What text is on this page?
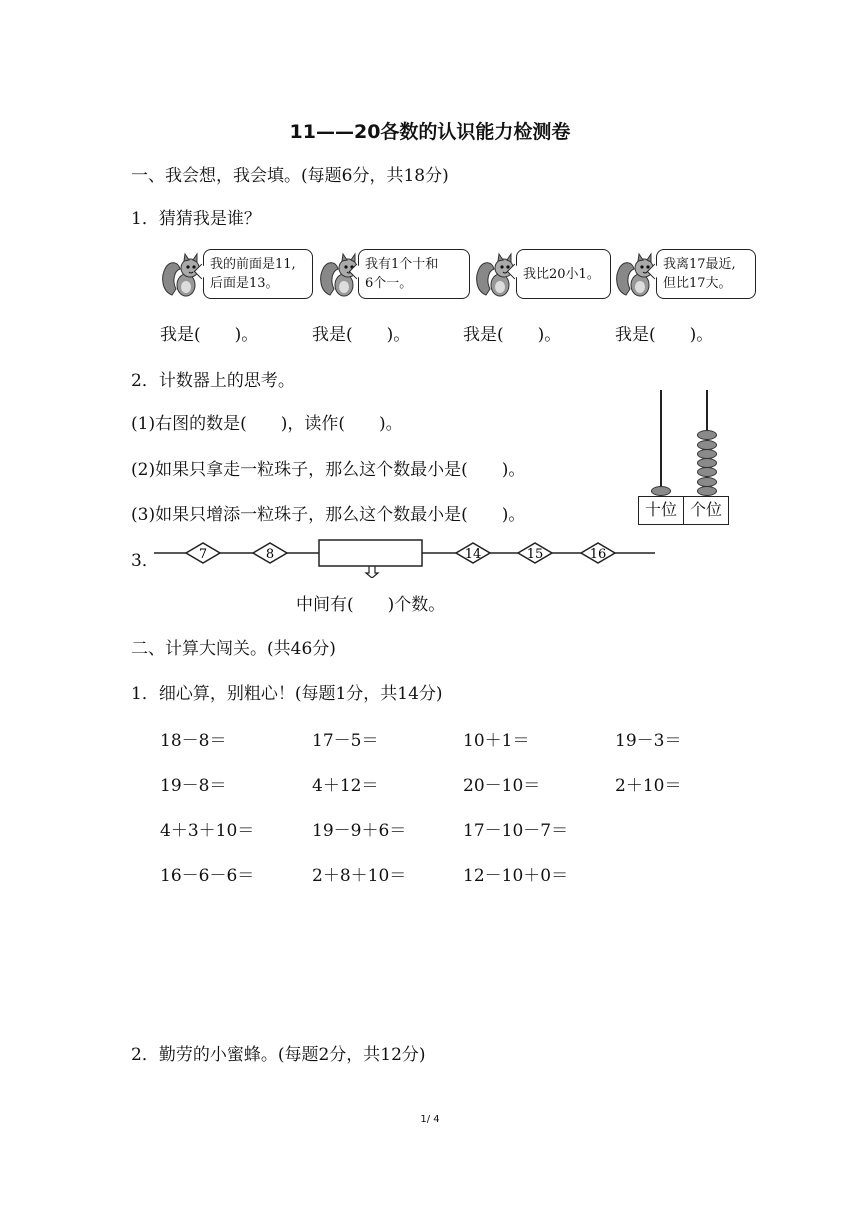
11——20各数的认识能力检测卷
一、我会想，我会填。(每题6分，共18分)
1．猜猜我是谁？
我的前面是11,
后面是13。
我有1个十和
6个一。
我比20小1。
我离17最近,
但比17大。
我是(　　)。	我是(　　)。	我是(　　)。	我是(　　)。
2．计数器上的思考。
(1)右图的数是(　　)，读作(　　)。
(2)如果只拿走一粒珠子，那么这个数最小是(　　)。
(3)如果只增添一粒珠子，那么这个数最小是(　　)。	十位 个位
3．	7	8	14	15	16
中间有(　　)个数。
二、计算大闯关。(共46分)
1．细心算，别粗心！(每题1分，共14分)
18－8＝	17－5＝	10＋1＝	19－3＝
19－8＝	4＋12＝	20－10＝	2＋10＝
4＋3＋10＝	19－9＋6＝	17－10－7＝
16－6－6＝	2＋8＋10＝	12－10＋0＝
2．勤劳的小蜜蜂。(每题2分，共12分)
1/ 4
